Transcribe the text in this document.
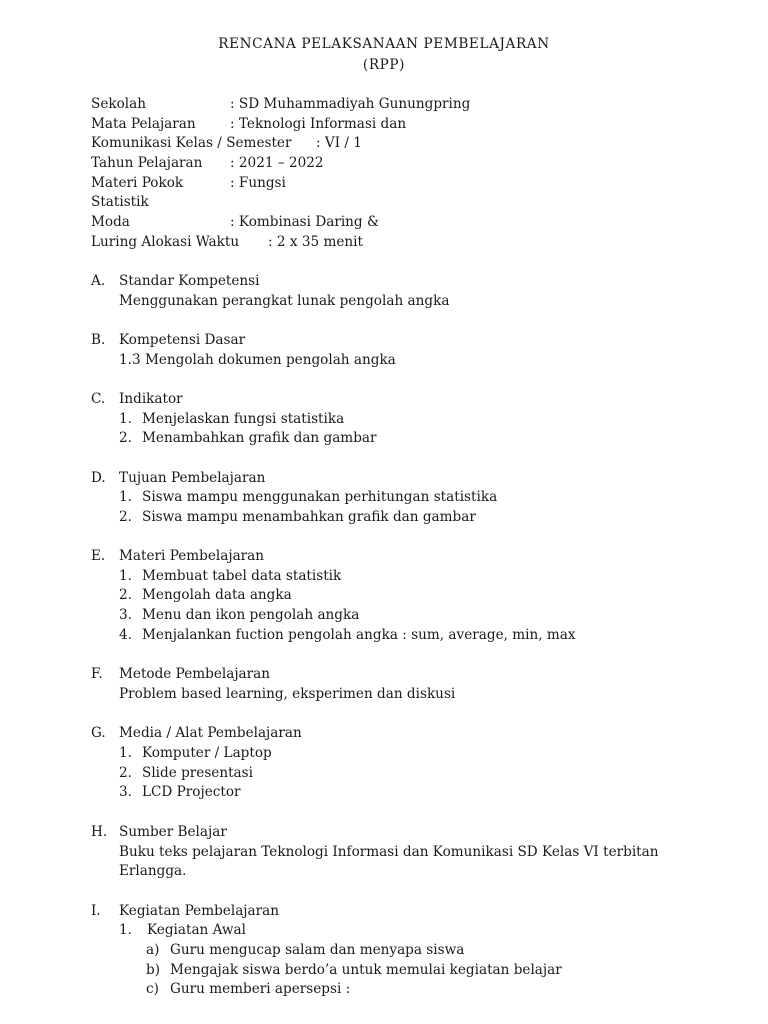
RENCANA PELAKSANAAN PEMBELAJARAN
(RPP)
Sekolah	: SD Muhammadiyah Gunungpring
Mata Pelajaran	: Teknologi Informasi dan
Komunikasi Kelas / Semester : VI / 1
Tahun Pelajaran : 2021 – 2022
Materi Pokok	: Fungsi
Statistik
Moda	: Kombinasi Daring &
Luring Alokasi Waktu : 2 x 35 menit
A. Standar Kompetensi
Menggunakan perangkat lunak pengolah angka
B. Kompetensi Dasar
1.3 Mengolah dokumen pengolah angka
C. Indikator
1. Menjelaskan fungsi statistika
2. Menambahkan grafik dan gambar
D. Tujuan Pembelajaran
1. Siswa mampu menggunakan perhitungan statistika
2. Siswa mampu menambahkan grafik dan gambar
E. Materi Pembelajaran
1. Membuat tabel data statistik
2. Mengolah data angka
3. Menu dan ikon pengolah angka
4. Menjalankan fuction pengolah angka : sum, average, min, max
F. Metode Pembelajaran
Problem based learning, eksperimen dan diskusi
G. Media / Alat Pembelajaran
1. Komputer / Laptop
2. Slide presentasi
3. LCD Projector
H. Sumber Belajar
Buku teks pelajaran Teknologi Informasi dan Komunikasi SD Kelas VI terbitan
Erlangga.
I. Kegiatan Pembelajaran
1. Kegiatan Awal
a) Guru mengucap salam dan menyapa siswa
b) Mengajak siswa berdo’a untuk memulai kegiatan belajar
c) Guru memberi apersepsi :
